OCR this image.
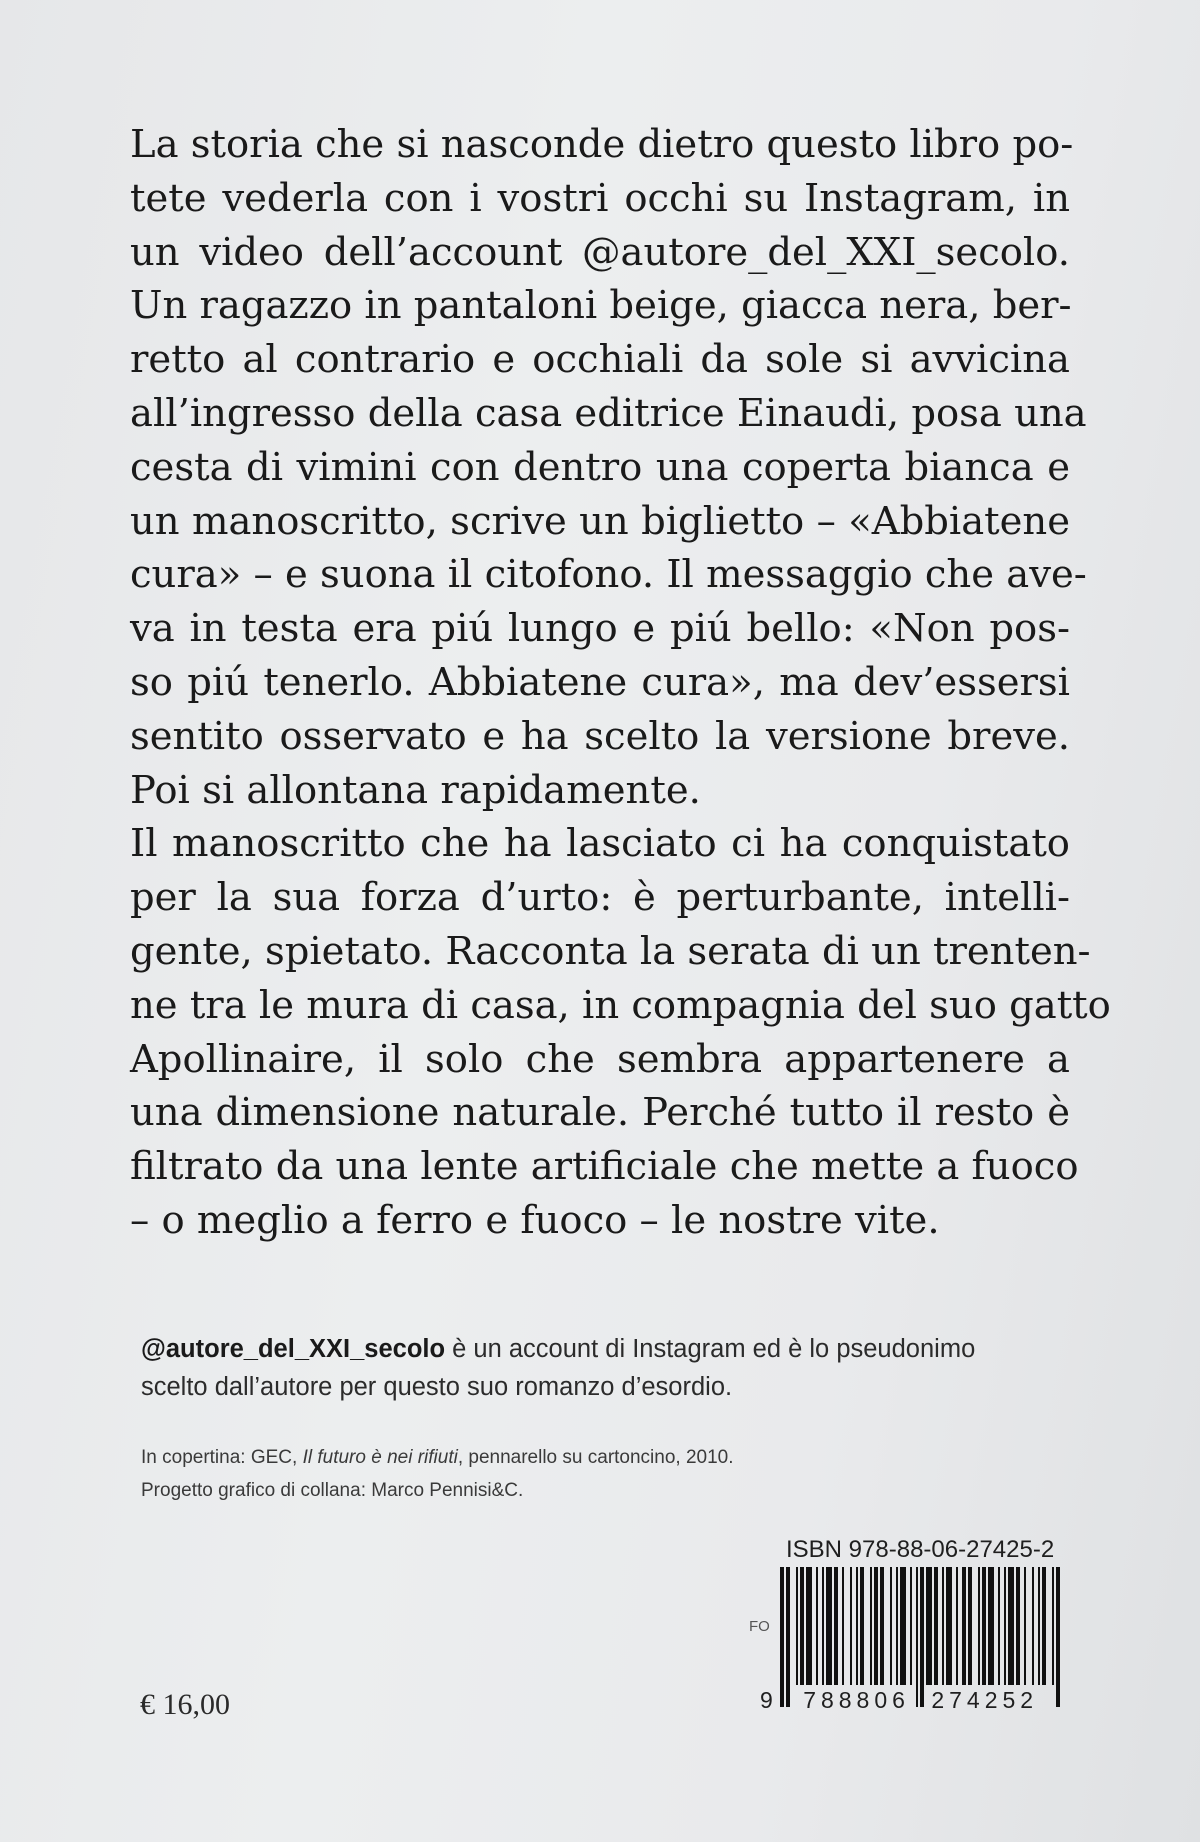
La storia che si nasconde dietro questo libro po-
tete vederla con i vostri occhi su Instagram, in
un video dell’account @autore_del_XXI_secolo.
Un ragazzo in pantaloni beige, giacca nera, ber-
retto al contrario e occhiali da sole si avvicina
all’ingresso della casa editrice Einaudi, posa una
cesta di vimini con dentro una coperta bianca e
un manoscritto, scrive un biglietto – «Abbiatene
cura» – e suona il citofono. Il messaggio che ave-
va in testa era piú lungo e piú bello: «Non pos-
so piú tenerlo. Abbiatene cura», ma dev’essersi
sentito osservato e ha scelto la versione breve.
Poi si allontana rapidamente.
Il manoscritto che ha lasciato ci ha conquistato
per la sua forza d’urto: è perturbante, intelli-
gente, spietato. Racconta la serata di un trenten-
ne tra le mura di casa, in compagnia del suo gatto
Apollinaire, il solo che sembra appartenere a
una dimensione naturale. Perché tutto il resto è
filtrato da una lente artificiale che mette a fuoco
– o meglio a ferro e fuoco – le nostre vite.
@autore_del_XXI_secolo è un account di Instagram ed è lo pseudonimo
scelto dall’autore per questo suo romanzo d’esordio.
In copertina: GEC, Il futuro è nei rifiuti, pennarello su cartoncino, 2010.
Progetto grafico di collana: Marco Pennisi&C.
€ 16,00
ISBN 978-88-06-27425-2
FO
9 788806 274252
